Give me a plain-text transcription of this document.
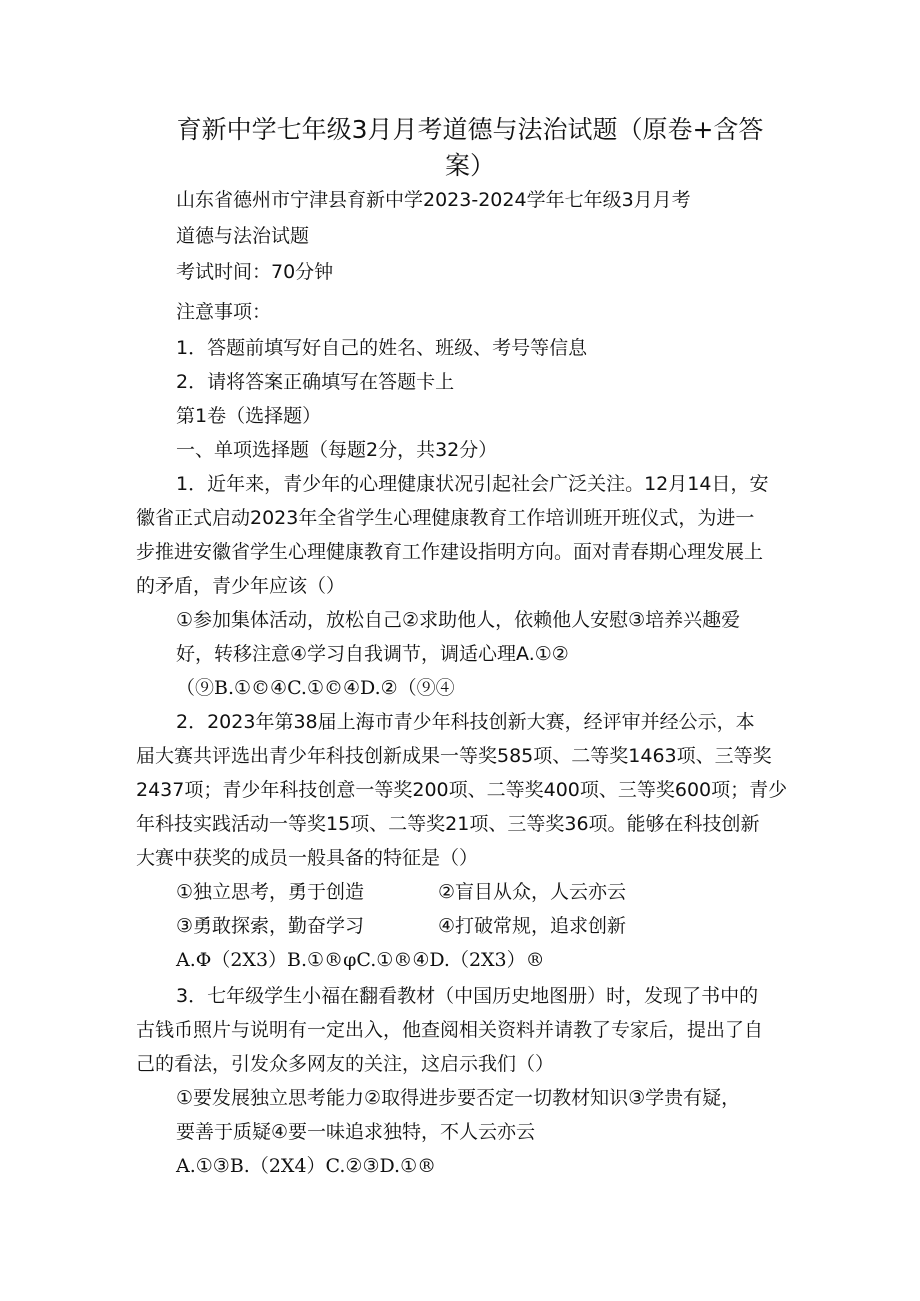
育新中学七年级3月月考道德与法治试题（原卷+含答
案）
山东省德州市宁津县育新中学2023-2024学年七年级3月月考
道德与法治试题
考试时间：70分钟
注意事项：
1．答题前填写好自己的姓名、班级、考号等信息
2．请将答案正确填写在答题卡上
第1卷（选择题）
一、单项选择题（每题2分，共32分）
1．近年来，青少年的心理健康状况引起社会广泛关注。12月14日，安
徽省正式启动2023年全省学生心理健康教育工作培训班开班仪式，为进一
步推进安徽省学生心理健康教育工作建设指明方向。面对青春期心理发展上
的矛盾，青少年应该（）
①参加集体活动，放松自己②求助他人，依赖他人安慰③培养兴趣爱
好，转移注意④学习自我调节，调适心理A.①②
（⑨B.①©④C.①©④D.②（⑨④
2．2023年第38届上海市青少年科技创新大赛，经评审并经公示，本
届大赛共评选出青少年科技创新成果一等奖585项、二等奖1463项、三等奖
2437项；青少年科技创意一等奖200项、二等奖400项、三等奖600项；青少
年科技实践活动一等奖15项、二等奖21项、三等奖36项。能够在科技创新
大赛中获奖的成员一般具备的特征是（）
①独立思考，勇于创造	②盲目从众，人云亦云
③勇敢探索，勤奋学习	④打破常规，追求创新
A.Φ（2X3）B.①®φC.①®④D.（2X3）®
3．七年级学生小福在翻看教材（中国历史地图册）时，发现了书中的
古钱币照片与说明有一定出入，他查阅相关资料并请教了专家后，提出了自
己的看法，引发众多网友的关注，这启示我们（）
①要发展独立思考能力②取得进步要否定一切教材知识③学贵有疑，
要善于质疑④要一味追求独特，不人云亦云
A.①③B.（2X4）C.②③D.①®
